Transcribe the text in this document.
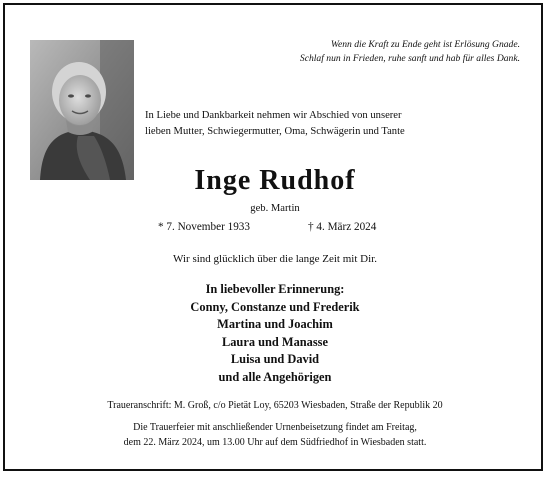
Wenn die Kraft zu Ende geht ist Erlösung Gnade.
Schlaf nun in Frieden, ruhe sanft und hab für alles Dank.
In Liebe und Dankbarkeit nehmen wir Abschied von unserer
lieben Mutter, Schwiegermutter, Oma, Schwägerin und Tante
Inge Rudhof
geb. Martin
* 7. November 1933	† 4. März 2024
Wir sind glücklich über die lange Zeit mit Dir.
In liebevoller Erinnerung:
Conny, Constanze und Frederik
Martina und Joachim
Laura und Manasse
Luisa und David
und alle Angehörigen
Traueranschrift: M. Groß, c/o Pietät Loy, 65203 Wiesbaden, Straße der Republik 20
Die Trauerfeier mit anschließender Urnenbeisetzung findet am Freitag,
dem 22. März 2024, um 13.00 Uhr auf dem Südfriedhof in Wiesbaden statt.
